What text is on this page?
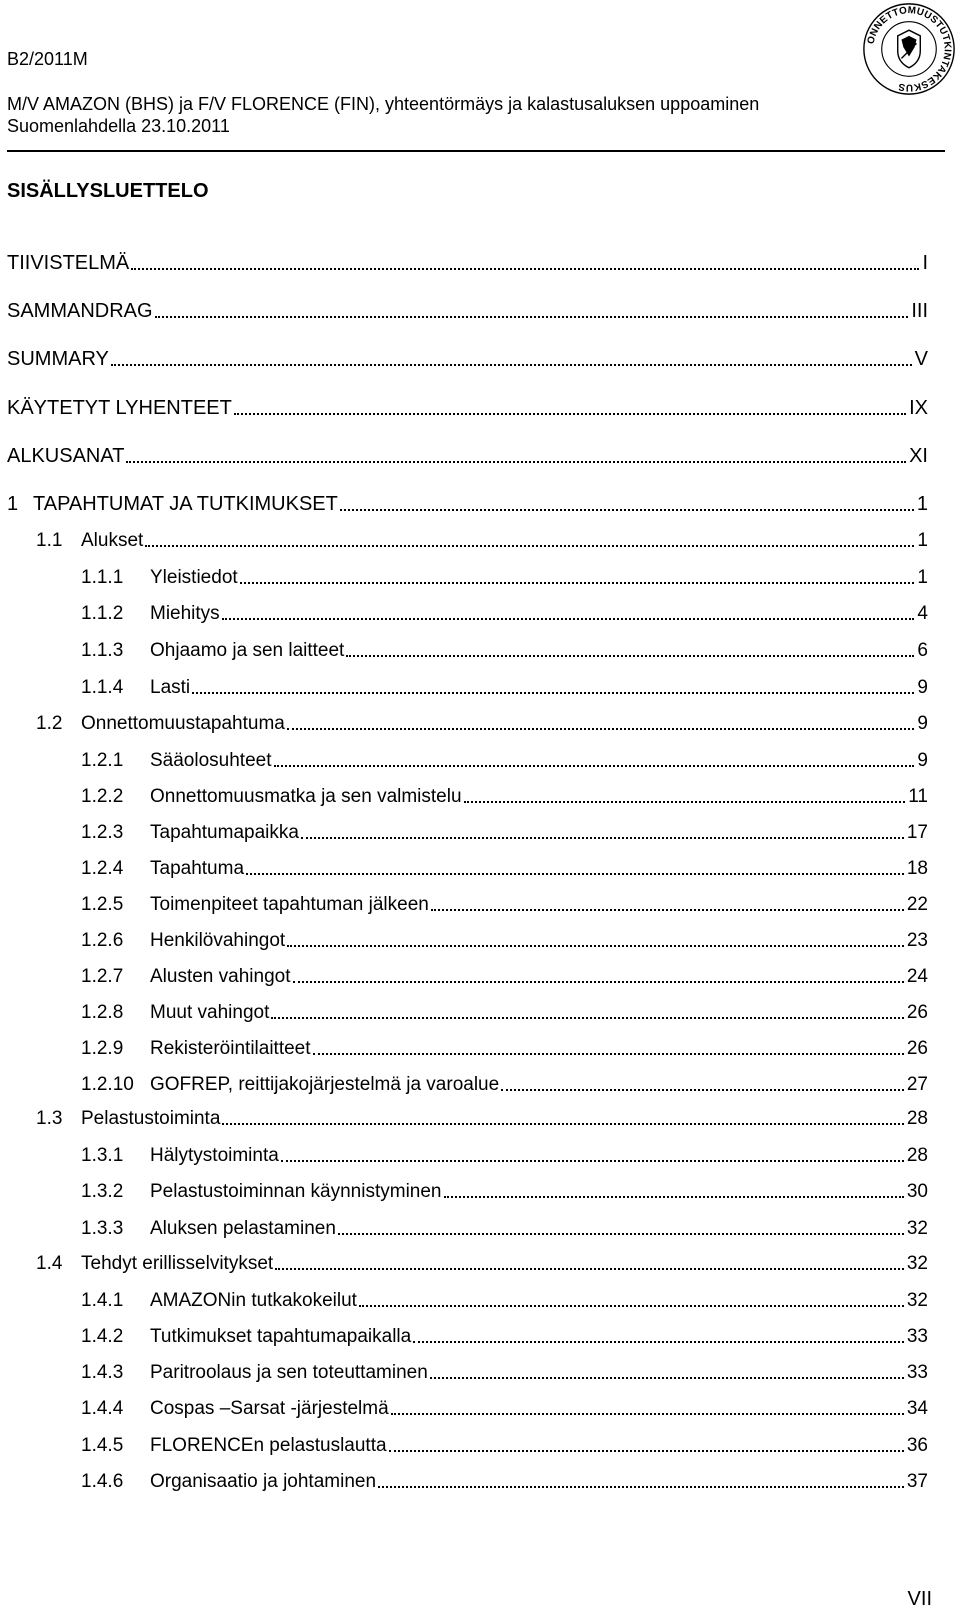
B2/2011M
M/V AMAZON (BHS) ja F/V FLORENCE (FIN), yhteentörmäys ja kalastusaluksen uppoaminen
Suomenlahdella 23.10.2011
ONNETTOMUUSTUTKINTAKESKUS
SISÄLLYSLUETTELO
TIIVISTELMÄ	I
SAMMANDRAG	III
SUMMARY	V
KÄYTETYT LYHENTEET	IX
ALKUSANAT	XI
1 TAPAHTUMAT JA TUTKIMUKSET	1
1.1 Alukset	1
1.1.1 Yleistiedot	1
1.1.2 Miehitys	4
1.1.3 Ohjaamo ja sen laitteet	6
1.1.4 Lasti	9
1.2 Onnettomuustapahtuma	9
1.2.1 Sääolosuhteet	9
1.2.2 Onnettomuusmatka ja sen valmistelu	11
1.2.3 Tapahtumapaikka	17
1.2.4 Tapahtuma	18
1.2.5 Toimenpiteet tapahtuman jälkeen	22
1.2.6 Henkilövahingot	23
1.2.7 Alusten vahingot	24
1.2.8 Muut vahingot	26
1.2.9 Rekisteröintilaitteet	26
1.2.10 GOFREP, reittijakojärjestelmä ja varoalue	27
1.3 Pelastustoiminta	28
1.3.1 Hälytystoiminta	28
1.3.2 Pelastustoiminnan käynnistyminen	30
1.3.3 Aluksen pelastaminen	32
1.4 Tehdyt erillisselvitykset	32
1.4.1 AMAZONin tutkakokeilut	32
1.4.2 Tutkimukset tapahtumapaikalla	33
1.4.3 Paritroolaus ja sen toteuttaminen	33
1.4.4 Cospas –Sarsat -järjestelmä	34
1.4.5 FLORENCEn pelastuslautta	36
1.4.6 Organisaatio ja johtaminen	37
VII
